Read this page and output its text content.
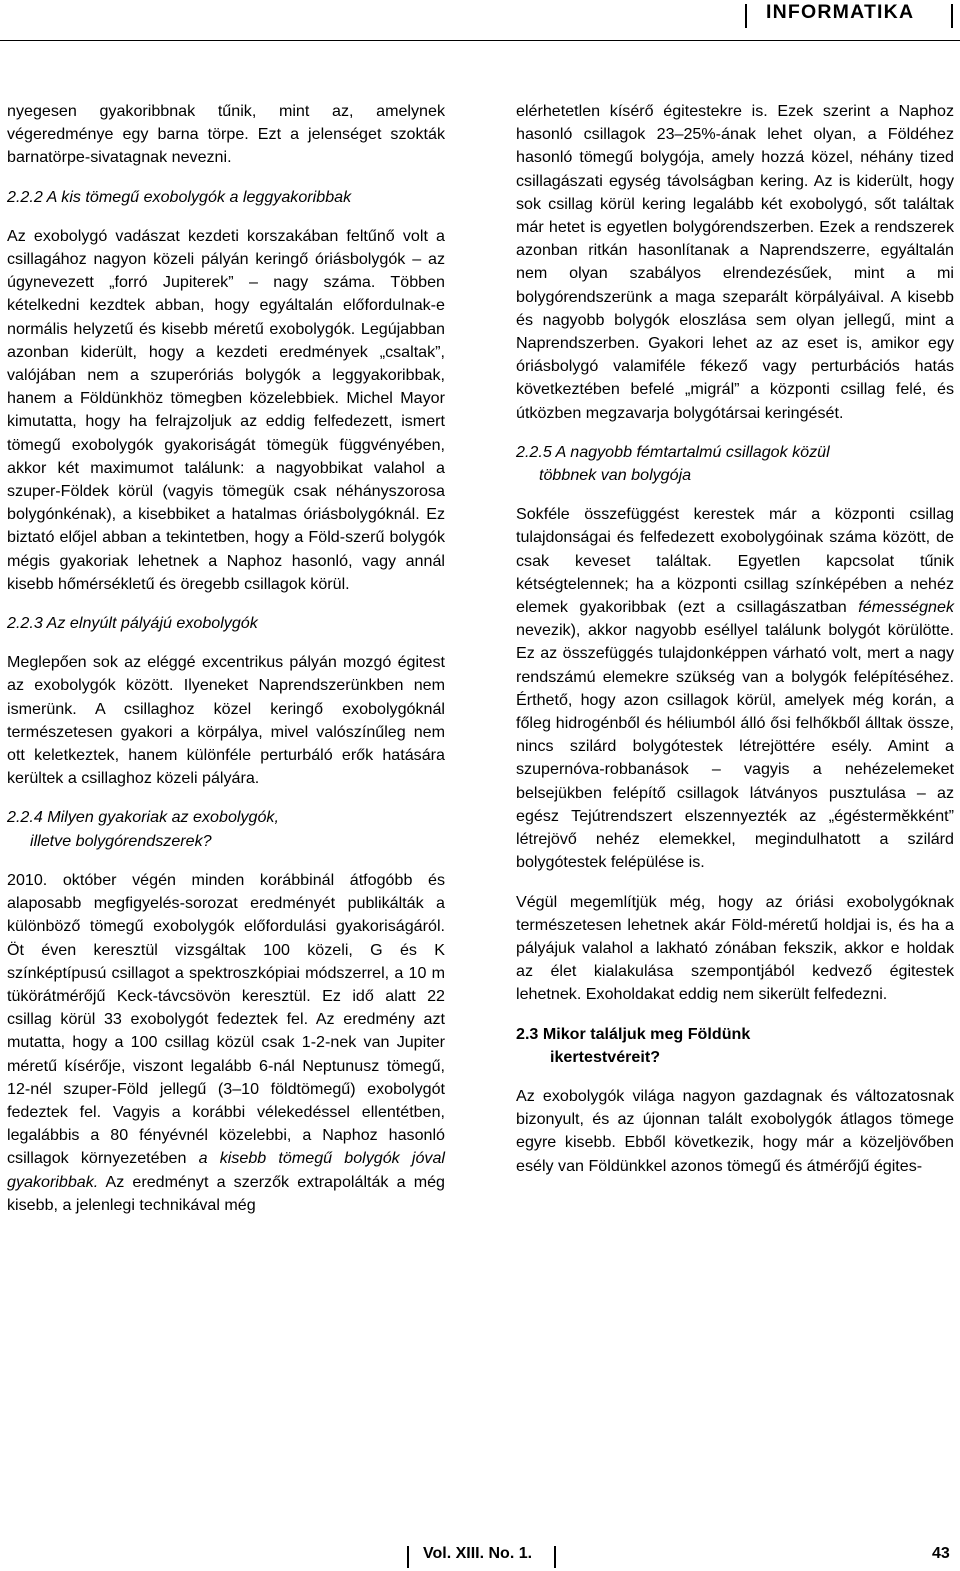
INFORMATIKA

nyegesen gyakoribbnak tűnik, mint az, amelynek végeredménye egy barna törpe. Ezt a jelenséget szokták barnatörpe-sivatagnak nevezni.

2.2.2 A kis tömegű exobolygók a leggyakoribbak

Az exobolygó vadászat kezdeti korszakában feltűnő volt a csillagához nagyon közeli pályán keringő óriásbolygók – az úgynevezett „forró Jupiterek” – nagy száma. Többen kételkedni kezdtek abban, hogy egyáltalán előfordulnak-e normális helyzetű és kisebb méretű exobolygók. Legújabban azonban kiderült, hogy a kezdeti eredmények „csaltak”, valójában nem a szuperóriás bolygók a leggyakoribbak, hanem a Földünkhöz tömegben közelebbiek. Michel Mayor kimutatta, hogy ha felrajzoljuk az eddig felfedezett, ismert tömegű exobolygók gyakoriságát tömegük függvényében, akkor két maximumot találunk: a nagyobbikat valahol a szuper-Földek körül (vagyis tömegük csak néhányszorosa bolygónkénak), a kisebbiket a hatalmas óriásbolygóknál. Ez biztató előjel abban a tekintetben, hogy a Föld-szerű bolygók mégis gyakoriak lehetnek a Naphoz hasonló, vagy annál kisebb hőmérsékletű és öregebb csillagok körül.

2.2.3 Az elnyúlt pályájú exobolygók

Meglepően sok az eléggé excentrikus pályán mozgó égitest az exobolygók között. Ilyeneket Naprendszerünkben nem ismerünk. A csillaghoz közel keringő exobolygóknál természetesen gyakori a körpálya, mivel valószínűleg nem ott keletkeztek, hanem különféle perturbáló erők hatására kerültek a csillaghoz közeli pályára.

2.2.4 Milyen gyakoriak az exobolygók,
illetve bolygórendszerek?

2010. október végén minden korábbinál átfogóbb és alaposabb megfigyelés-sorozat eredményét publikálták a különböző tömegű exobolygók előfordulási gyakoriságáról. Öt éven keresztül vizsgáltak 100 közeli, G és K színképtípusú csillagot a spektroszkópiai módszerrel, a 10 m tükörátmérőjű Keck-távcsövön keresztül. Ez idő alatt 22 csillag körül 33 exobolygót fedeztek fel. Az eredmény azt mutatta, hogy a 100 csillag közül csak 1-2-nek van Jupiter méretű kísérője, viszont legalább 6-nál Neptunusz tömegű, 12-nél szuper-Föld jellegű (3–10 földtömegű) exobolygót fedeztek fel. Vagyis a korábbi vélekedéssel ellentétben, legalábbis a 80 fényévnél közelebbi, a Naphoz hasonló csillagok környezetében a kisebb tömegű bolygók jóval gyakoribbak. Az eredményt a szerzők extrapolálták a még kisebb, a jelenlegi technikával még

elérhetetlen kísérő égitestekre is. Ezek szerint a Naphoz hasonló csillagok 23–25%-ának lehet olyan, a Földéhez hasonló tömegű bolygója, amely hozzá közel, néhány tized csillagászati egység távolságban kering. Az is kiderült, hogy sok csillag körül kering legalább két exobolygó, sőt találtak már hetet is egyetlen bolygórendszerben. Ezek a rendszerek azonban ritkán hasonlítanak a Naprendszerre, egyáltalán nem olyan szabályos elrendezésűek, mint a mi bolygórendszerünk a maga szeparált körpályáival. A kisebb és nagyobb bolygók eloszlása sem olyan jellegű, mint a Naprendszerben. Gyakori lehet az az eset is, amikor egy óriásbolygó valamiféle fékező vagy perturbációs hatás következtében befelé „migrál” a központi csillag felé, és útközben megzavarja bolygótársai keringését.

2.2.5 A nagyobb fémtartalmú csillagok közül
többnek van bolygója

Sokféle összefüggést kerestek már a központi csillag tulajdonságai és felfedezett exobolygóinak száma között, de csak keveset találtak. Egyetlen kapcsolat tűnik kétségtelennek; ha a központi csillag színképében a nehéz elemek gyakoribbak (ezt a csillagászatban fémességnek nevezik), akkor nagyobb eséllyel találunk bolygót körülötte. Ez az összefüggés tulajdonképpen várható volt, mert a nagy rendszámú elemekre szükség van a bolygók felépítéséhez. Érthető, hogy azon csillagok körül, amelyek még korán, a főleg hidrogénből és héliumból álló ősi felhőkből álltak össze, nincs szilárd bolygótestek létrejöttére esély. Amint a szupernóva-robbanások – vagyis a nehézelemeket belsejükben felépítő csillagok látványos pusztulása – az egész Tejútrendszert elszennyezték az „égésterměkként” létrejövő nehéz elemekkel, megindulhatott a szilárd bolygótestek felépülése is.

Végül megemlítjük még, hogy az óriási exobolygóknak természetesen lehetnek akár Föld-méretű holdjai is, és ha a pályájuk valahol a lakható zónában fekszik, akkor e holdak az élet kialakulása szempontjából kedvező égitestek lehetnek. Exoholdakat eddig nem sikerült felfedezni.

2.3 Mikor találjuk meg Földünk
ikertestvéreit?

Az exobolygók világa nagyon gazdagnak és változatosnak bizonyult, és az újonnan talált exobolygók átlagos tömege egyre kisebb. Ebből következik, hogy már a közeljövőben esély van Földünkkel azonos tömegű és átmérőjű égites-

Vol. XIII. No. 1.	43
